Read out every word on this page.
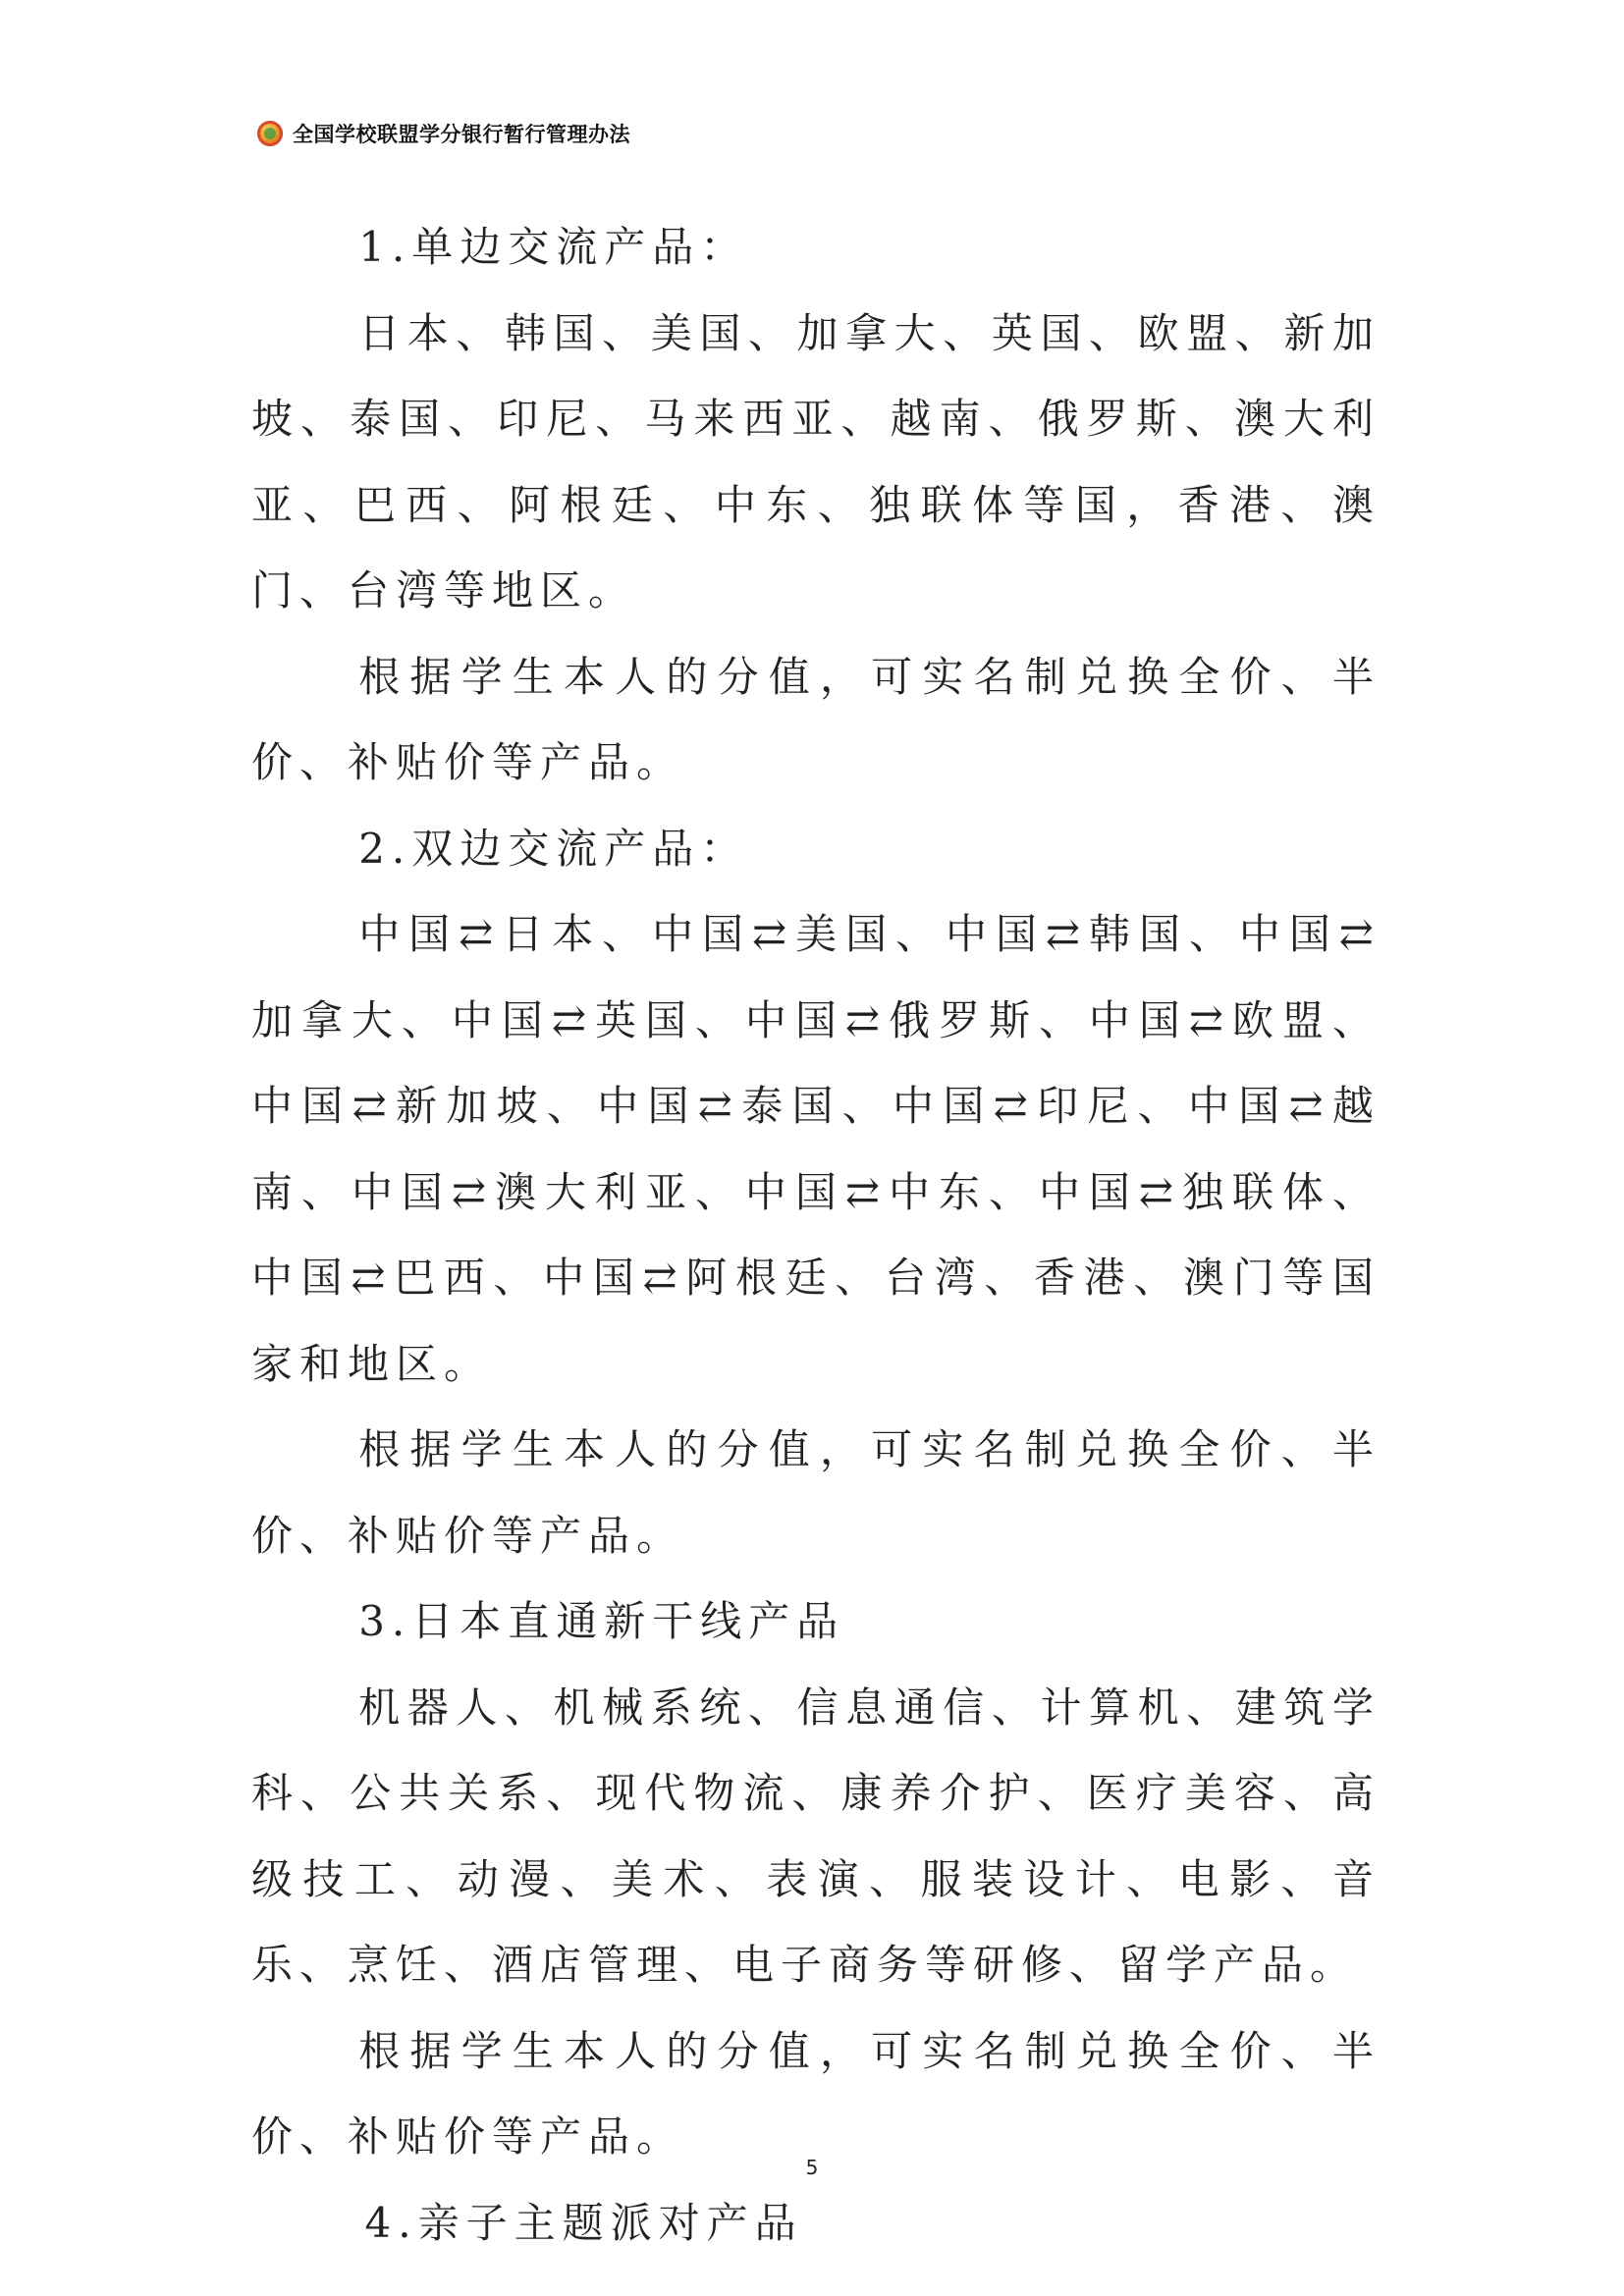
全国学校联盟学分银行暂行管理办法

1.单边交流产品：

日本、韩国、美国、加拿大、英国、欧盟、新加坡、泰国、印尼、马来西亚、越南、俄罗斯、澳大利亚、巴西、阿根廷、中东、独联体等国，香港、澳门、台湾等地区。

根据学生本人的分值，可实名制兑换全价、半价、补贴价等产品。

2.双边交流产品：

中国⇄日本、中国⇄美国、中国⇄韩国、中国⇄加拿大、中国⇄英国、中国⇄俄罗斯、中国⇄欧盟、中国⇄新加坡、中国⇄泰国、中国⇄印尼、中国⇄越南、中国⇄澳大利亚、中国⇄中东、中国⇄独联体、中国⇄巴西、中国⇄阿根廷、台湾、香港、澳门等国家和地区。

根据学生本人的分值，可实名制兑换全价、半价、补贴价等产品。

3.日本直通新干线产品

机器人、机械系统、信息通信、计算机、建筑学科、公共关系、现代物流、康养介护、医疗美容、高级技工、动漫、美术、表演、服装设计、电影、音乐、烹饪、酒店管理、电子商务等研修、留学产品。

根据学生本人的分值，可实名制兑换全价、半价、补贴价等产品。

4.亲子主题派对产品

5
